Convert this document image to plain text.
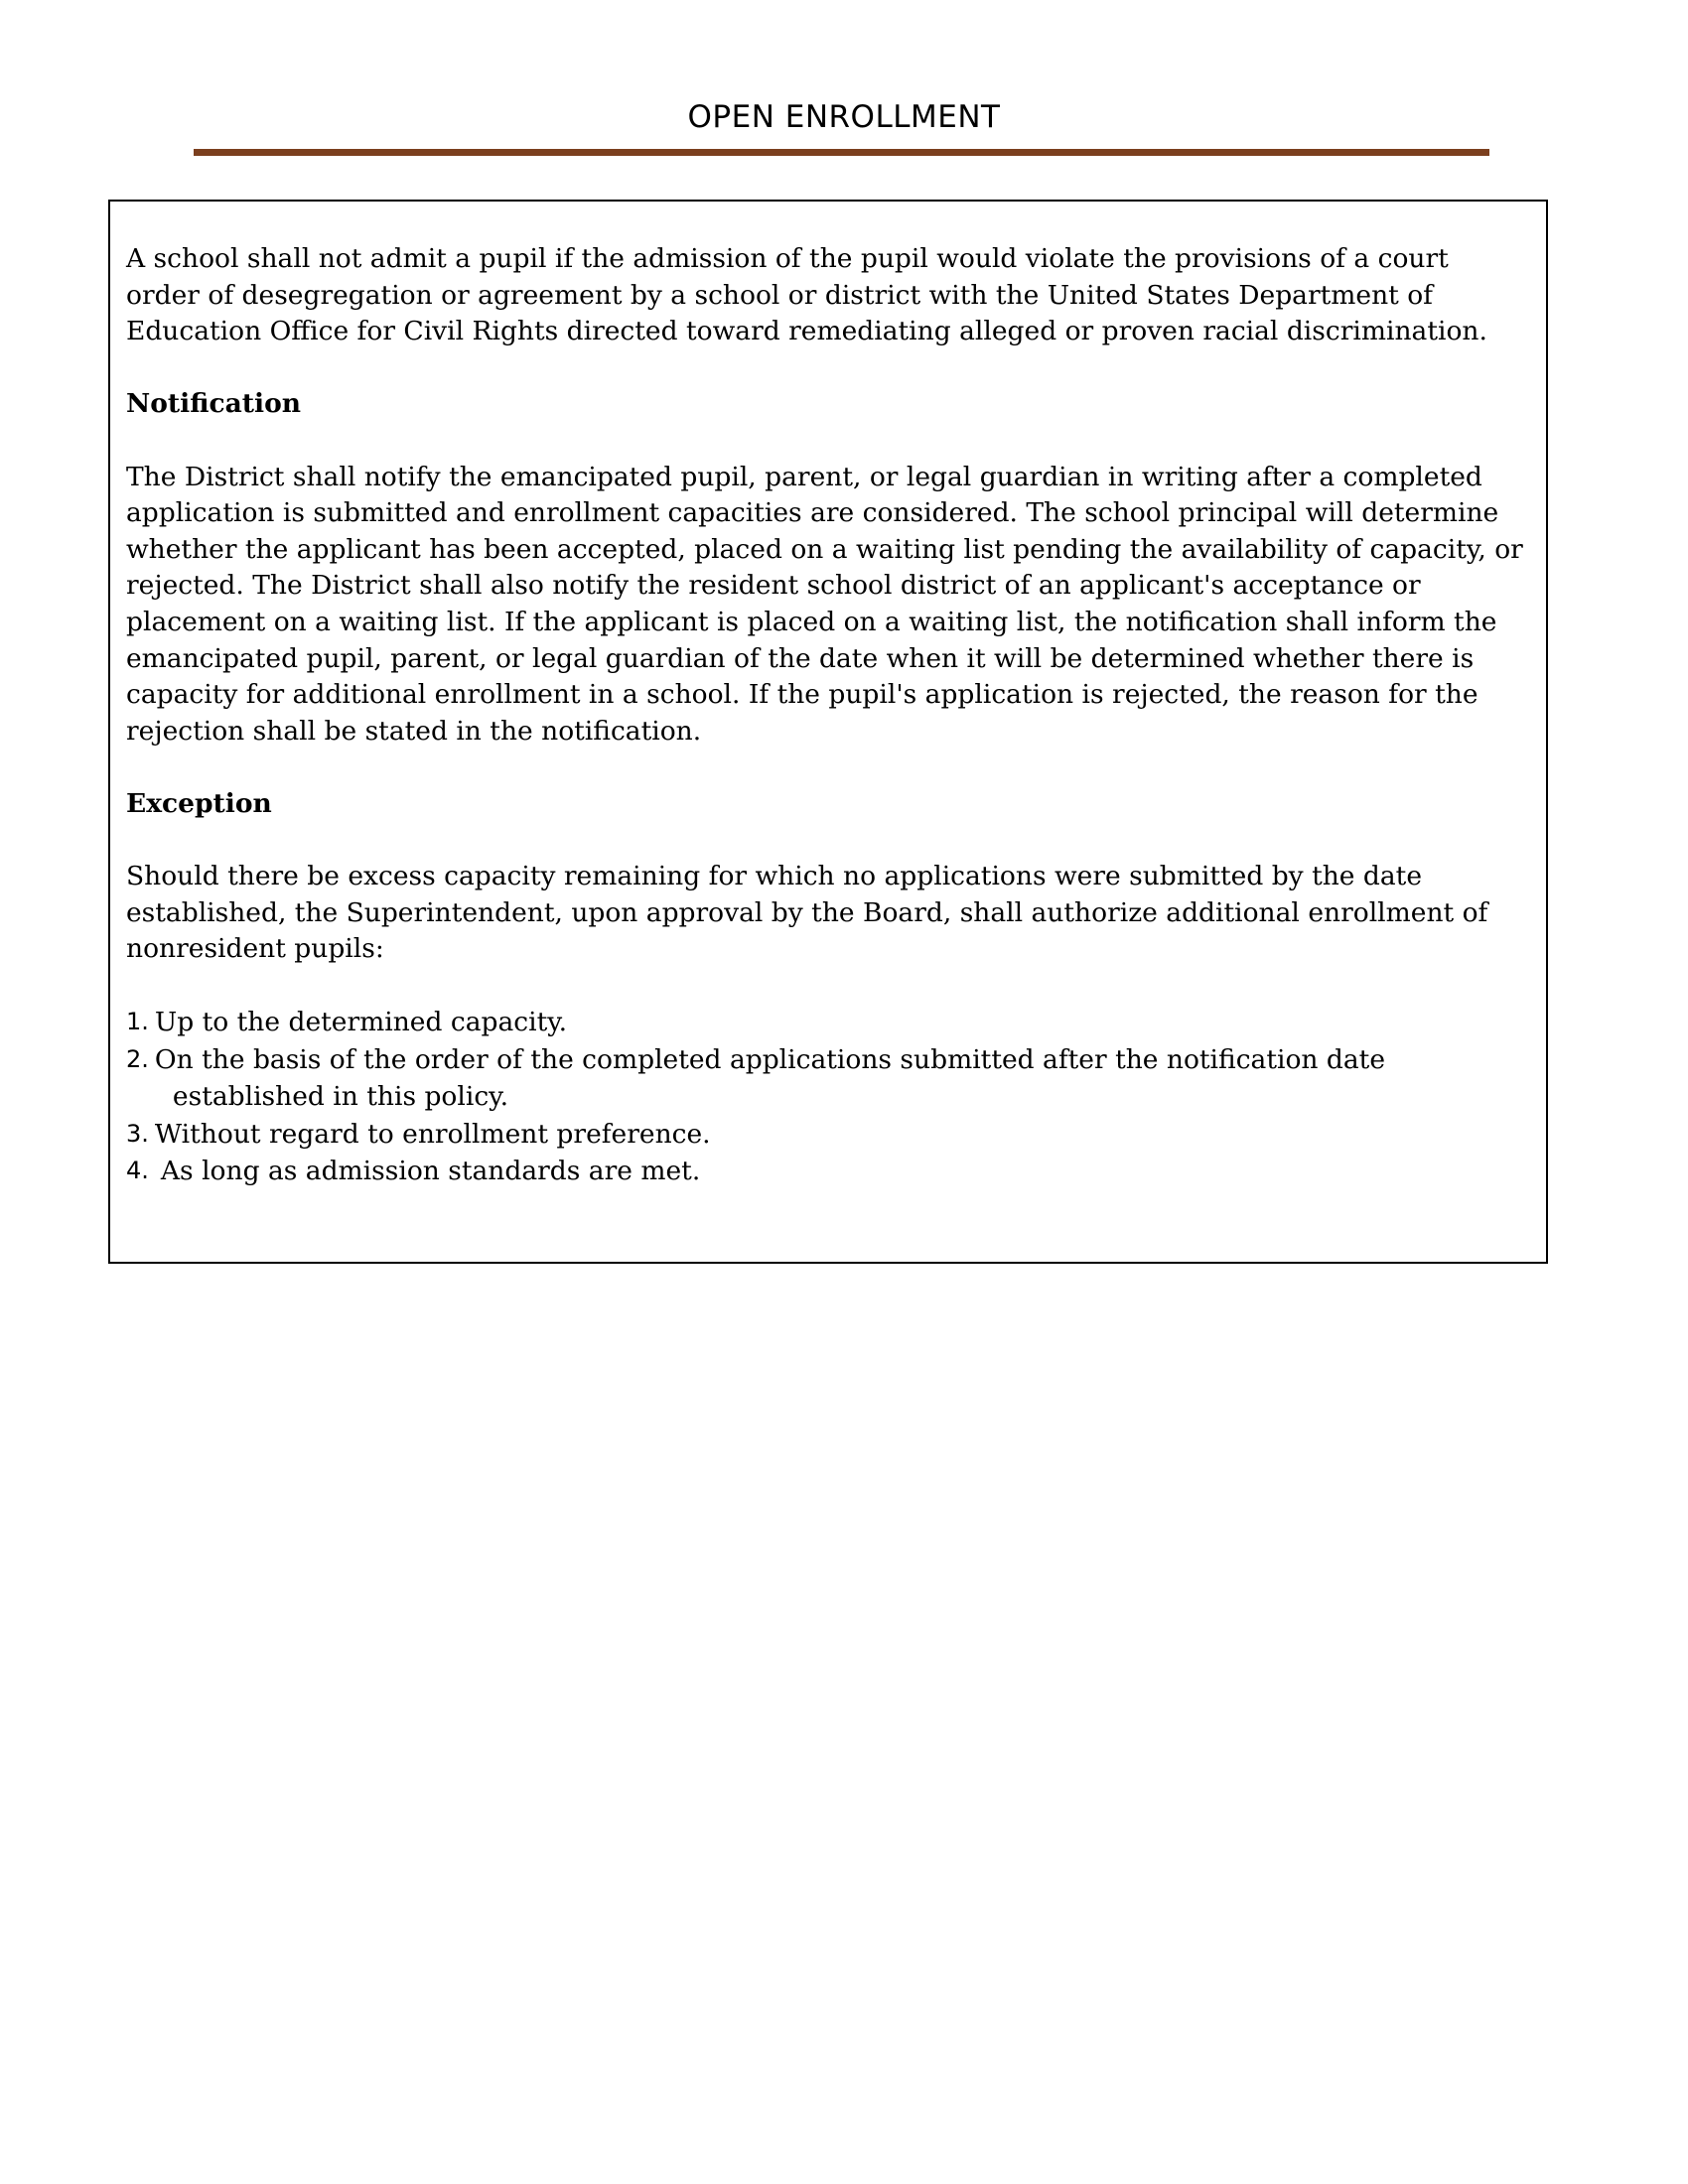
OPEN ENROLLMENT

A school shall not admit a pupil if the admission of the pupil would violate the provisions of a court order of desegregation or agreement by a school or district with the United States Department of Education Office for Civil Rights directed toward remediating alleged or proven racial discrimination.

Notification

The District shall notify the emancipated pupil, parent, or legal guardian in writing after a completed application is submitted and enrollment capacities are considered. The school principal will determine whether the applicant has been accepted, placed on a waiting list pending the availability of capacity, or rejected. The District shall also notify the resident school district of an applicant's acceptance or placement on a waiting list. If the applicant is placed on a waiting list, the notification shall inform the emancipated pupil, parent, or legal guardian of the date when it will be determined whether there is capacity for additional enrollment in a school. If the pupil's application is rejected, the reason for the rejection shall be stated in the notification.

Exception

Should there be excess capacity remaining for which no applications were submitted by the date established, the Superintendent, upon approval by the Board, shall authorize additional enrollment of nonresident pupils:

1. Up to the determined capacity.
2. On the basis of the order of the completed applications submitted after the notification date
established in this policy.
3. Without regard to enrollment preference.
4. As long as admission standards are met.
